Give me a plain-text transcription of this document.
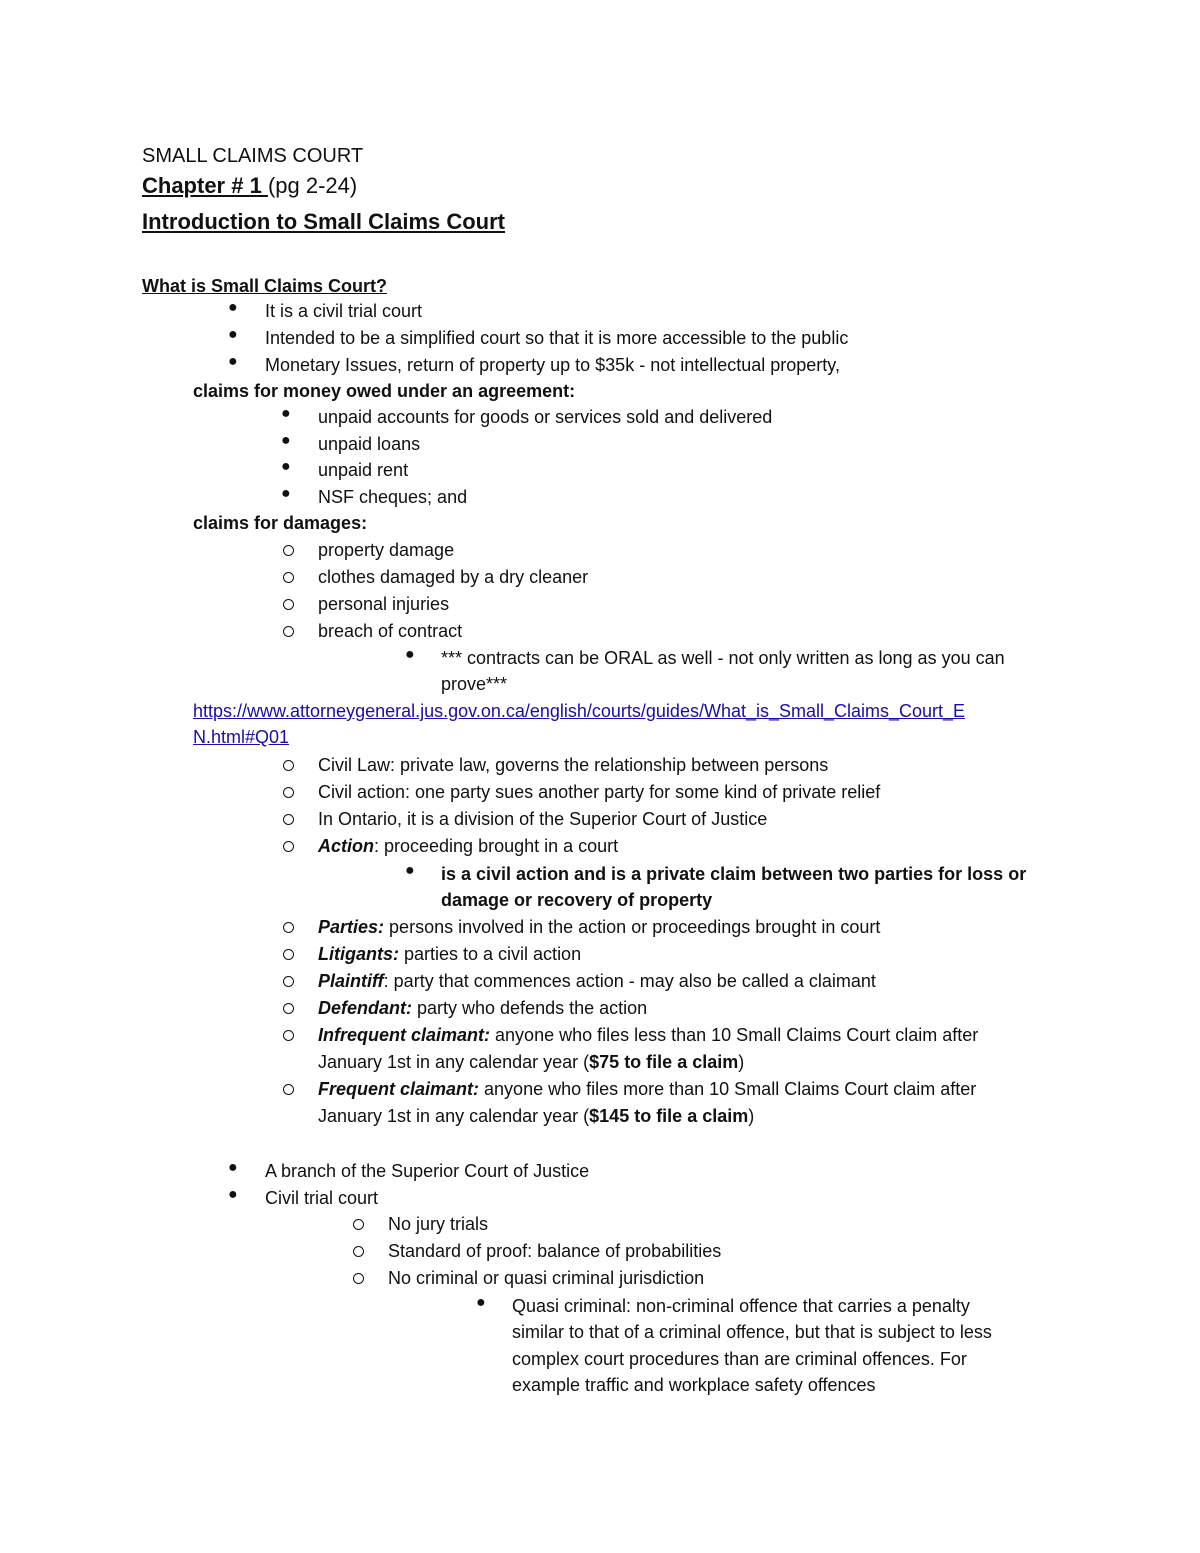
SMALL CLAIMS COURT
Chapter # 1 (pg 2-24)
Introduction to Small Claims Court
What is Small Claims Court?
● It is a civil trial court
● Intended to be a simplified court so that it is more accessible to the public
● Monetary Issues, return of property up to $35k - not intellectual property,
claims for money owed under an agreement:
● unpaid accounts for goods or services sold and delivered
● unpaid loans
● unpaid rent
● NSF cheques; and
claims for damages:
property damage
clothes damaged by a dry cleaner
personal injuries
breach of contract
● *** contracts can be ORAL as well - not only written as long as you can
prove***
https://www.attorneygeneral.jus.gov.on.ca/english/courts/guides/What_is_Small_Claims_Court_E
N.html#Q01
Civil Law: private law, governs the relationship between persons
Civil action: one party sues another party for some kind of private relief
In Ontario, it is a division of the Superior Court of Justice
Action: proceeding brought in a court
● is a civil action and is a private claim between two parties for loss or
damage or recovery of property
Parties: persons involved in the action or proceedings brought in court
Litigants: parties to a civil action
Plaintiff: party that commences action - may also be called a claimant
Defendant: party who defends the action
Infrequent claimant: anyone who files less than 10 Small Claims Court claim after
January 1st in any calendar year ($75 to file a claim)
Frequent claimant: anyone who files more than 10 Small Claims Court claim after
January 1st in any calendar year ($145 to file a claim)
● A branch of the Superior Court of Justice
● Civil trial court
No jury trials
Standard of proof: balance of probabilities
No criminal or quasi criminal jurisdiction
● Quasi criminal: non-criminal offence that carries a penalty
similar to that of a criminal offence, but that is subject to less
complex court procedures than are criminal offences. For
example traffic and workplace safety offences
